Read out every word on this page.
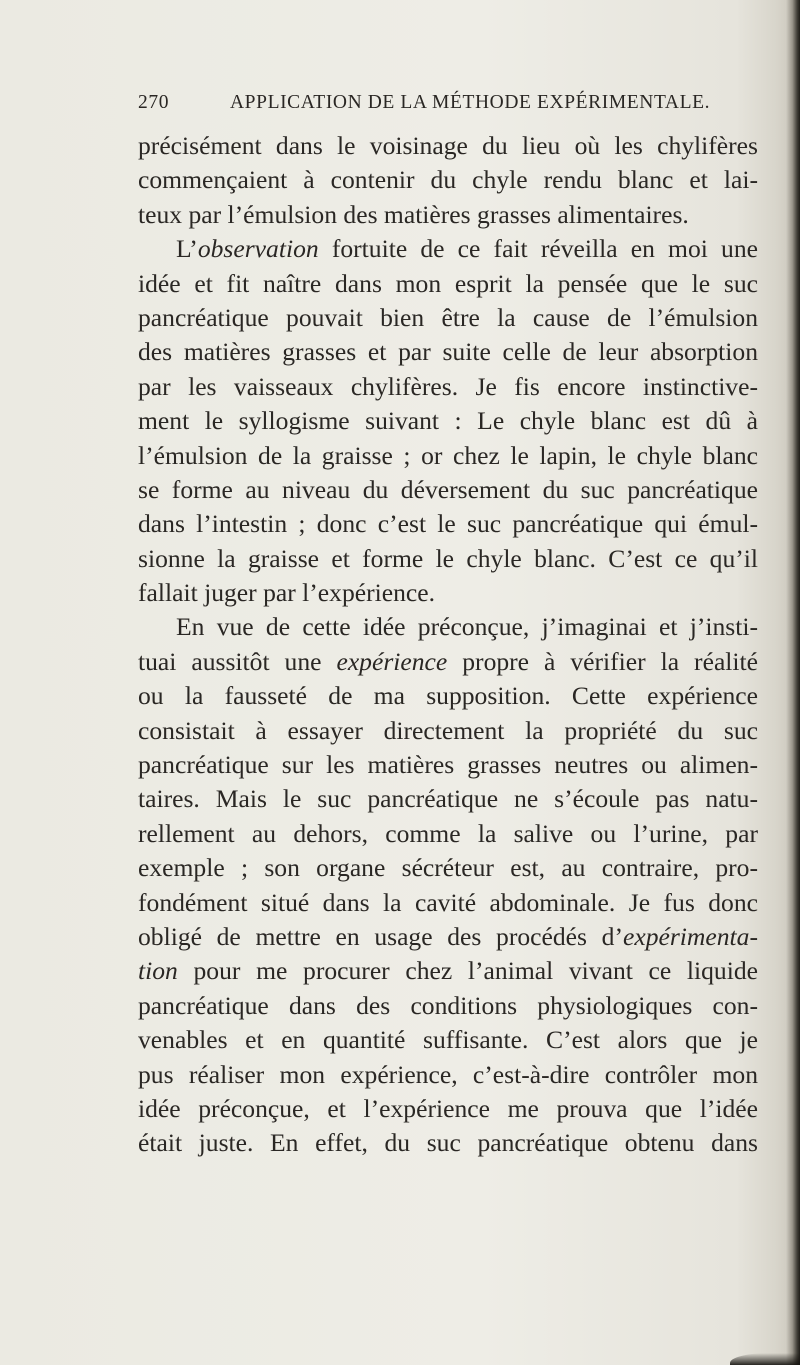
270	APPLICATION DE LA MÉTHODE EXPÉRIMENTALE.
précisément dans le voisinage du lieu où les chylifères
commençaient à contenir du chyle rendu blanc et lai-
teux par l’émulsion des matières grasses alimentaires.
L’observation fortuite de ce fait réveilla en moi une
idée et fit naître dans mon esprit la pensée que le suc
pancréatique pouvait bien être la cause de l’émulsion
des matières grasses et par suite celle de leur absorption
par les vaisseaux chylifères. Je fis encore instinctive-
ment le syllogisme suivant : Le chyle blanc est dû à
l’émulsion de la graisse ; or chez le lapin, le chyle blanc
se forme au niveau du déversement du suc pancréatique
dans l’intestin ; donc c’est le suc pancréatique qui émul-
sionne la graisse et forme le chyle blanc. C’est ce qu’il
fallait juger par l’expérience.
En vue de cette idée préconçue, j’imaginai et j’insti-
tuai aussitôt une expérience propre à vérifier la réalité
ou la fausseté de ma supposition. Cette expérience
consistait à essayer directement la propriété du suc
pancréatique sur les matières grasses neutres ou alimen-
taires. Mais le suc pancréatique ne s’écoule pas natu-
rellement au dehors, comme la salive ou l’urine, par
exemple ; son organe sécréteur est, au contraire, pro-
fondément situé dans la cavité abdominale. Je fus donc
obligé de mettre en usage des procédés d’expérimenta-
tion pour me procurer chez l’animal vivant ce liquide
pancréatique dans des conditions physiologiques con-
venables et en quantité suffisante. C’est alors que je
pus réaliser mon expérience, c’est-à-dire contrôler mon
idée préconçue, et l’expérience me prouva que l’idée
était juste. En effet, du suc pancréatique obtenu dans
